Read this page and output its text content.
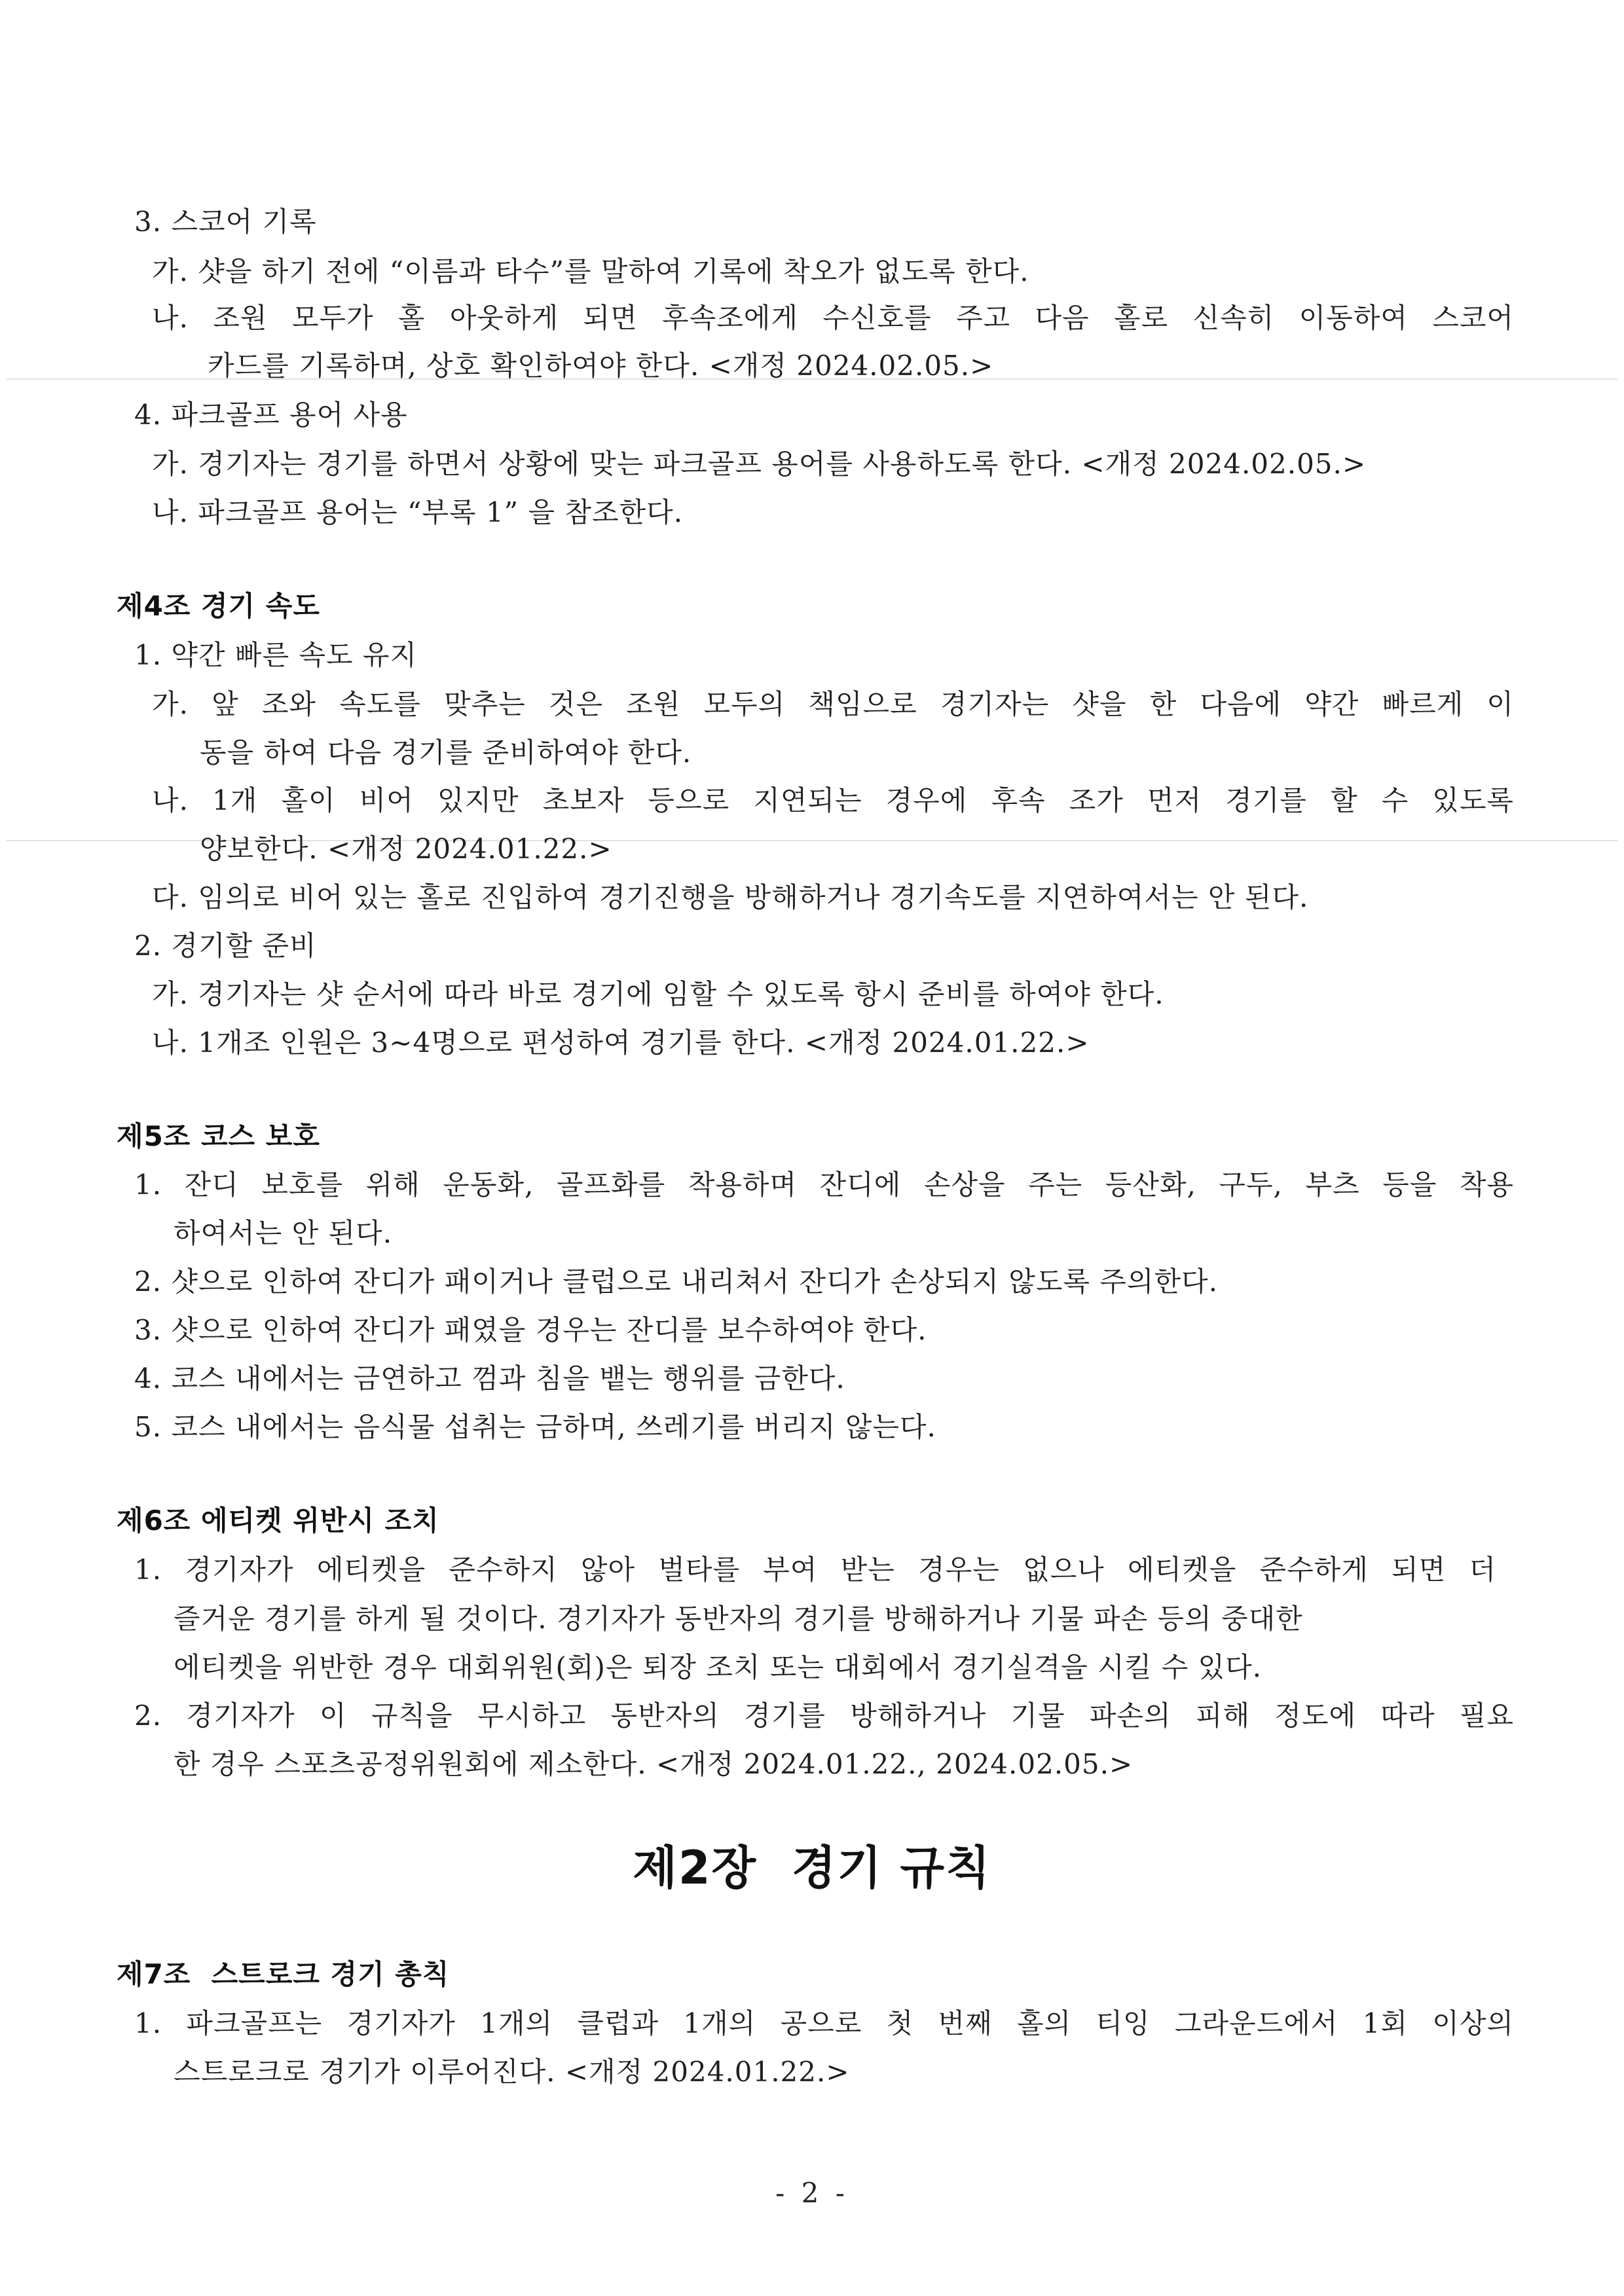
3. 스코어 기록
가. 샷을 하기 전에 “이름과 타수”를 말하여 기록에 착오가 없도록 한다.
나. 조원 모두가 홀 아웃하게 되면 후속조에게 수신호를 주고 다음 홀로 신속히 이동하여 스코어
카드를 기록하며, 상호 확인하여야 한다. <개정 2024.02.05.>
4. 파크골프 용어 사용
가. 경기자는 경기를 하면서 상황에 맞는 파크골프 용어를 사용하도록 한다. <개정 2024.02.05.>
나. 파크골프 용어는 “부록 1” 을 참조한다.
제4조 경기 속도
1. 약간 빠른 속도 유지
가. 앞 조와 속도를 맞추는 것은 조원 모두의 책임으로 경기자는 샷을 한 다음에 약간 빠르게 이
동을 하여 다음 경기를 준비하여야 한다.
나. 1개 홀이 비어 있지만 초보자 등으로 지연되는 경우에 후속 조가 먼저 경기를 할 수 있도록
양보한다. <개정 2024.01.22.>
다. 임의로 비어 있는 홀로 진입하여 경기진행을 방해하거나 경기속도를 지연하여서는 안 된다.
2. 경기할 준비
가. 경기자는 샷 순서에 따라 바로 경기에 임할 수 있도록 항시 준비를 하여야 한다.
나. 1개조 인원은 3∼4명으로 편성하여 경기를 한다. <개정 2024.01.22.>
제5조 코스 보호
1. 잔디 보호를 위해 운동화, 골프화를 착용하며 잔디에 손상을 주는 등산화, 구두, 부츠 등을 착용
하여서는 안 된다.
2. 샷으로 인하여 잔디가 패이거나 클럽으로 내리쳐서 잔디가 손상되지 않도록 주의한다.
3. 샷으로 인하여 잔디가 패였을 경우는 잔디를 보수하여야 한다.
4. 코스 내에서는 금연하고 껌과 침을 뱉는 행위를 금한다.
5. 코스 내에서는 음식물 섭취는 금하며, 쓰레기를 버리지 않는다.
제6조 에티켓 위반시 조치
1. 경기자가 에티켓을 준수하지 않아 벌타를 부여 받는 경우는 없으나 에티켓을 준수하게 되면 더
즐거운 경기를 하게 될 것이다. 경기자가 동반자의 경기를 방해하거나 기물 파손 등의 중대한
에티켓을 위반한 경우 대회위원(회)은 퇴장 조치 또는 대회에서 경기실격을 시킬 수 있다.
2. 경기자가 이 규칙을 무시하고 동반자의 경기를 방해하거나 기물 파손의 피해 정도에 따라 필요
한 경우 스포츠공정위원회에 제소한다. <개정 2024.01.22., 2024.02.05.>
제2장  경기 규칙
제7조  스트로크 경기 총칙
1. 파크골프는 경기자가 1개의 클럽과 1개의 공으로 첫 번째 홀의 티잉 그라운드에서 1회 이상의
스트로크로 경기가 이루어진다. <개정 2024.01.22.>
- 2 -
